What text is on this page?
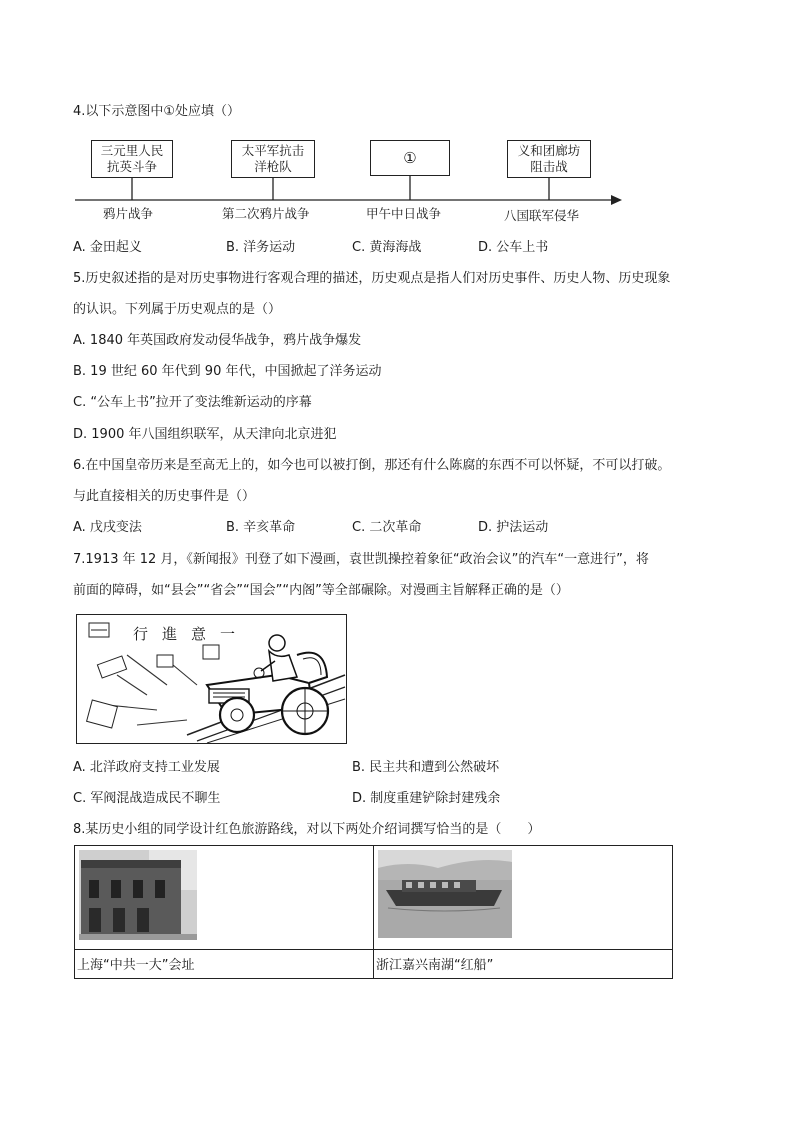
4.以下示意图中①处应填（）
三元里人民
抗英斗争
太平军抗击
洋枪队	①	义和团廊坊
阻击战
鸦片战争	第二次鸦片战争	甲午中日战争	八国联军侵华
A. 金田起义	B. 洋务运动	C. 黄海海战	D. 公车上书
5.历史叙述指的是对历史事物进行客观合理的描述，历史观点是指人们对历史事件、历史人物、历史现象
的认识。下列属于历史观点的是（）
A. 1840 年英国政府发动侵华战争，鸦片战争爆发
B. 19 世纪 60 年代到 90 年代，中国掀起了洋务运动
C. “公车上书”拉开了变法维新运动的序幕
D. 1900 年八国组织联军，从天津向北京进犯
6.在中国皇帝历来是至高无上的，如今也可以被打倒，那还有什么陈腐的东西不可以怀疑，不可以打破。
与此直接相关的历史事件是（）
A. 戊戌变法	B. 辛亥革命	C. 二次革命	D. 护法运动
7.1913 年 12 月，《新闻报》刊登了如下漫画，袁世凯操控着象征“政治会议”的汽车“一意进行”，将
前面的障碍，如“县会”“省会”“国会”“内阁”等全部碾除。对漫画主旨解释正确的是（）
一意進行
A. 北洋政府支持工业发展	B. 民主共和遭到公然破坏
C. 军阀混战造成民不聊生	D. 制度重建铲除封建残余
8.某历史小组的同学设计红色旅游路线，对以下两处介绍词撰写恰当的是（　　）

上海“中共一大”会址	浙江嘉兴南湖“红船”
